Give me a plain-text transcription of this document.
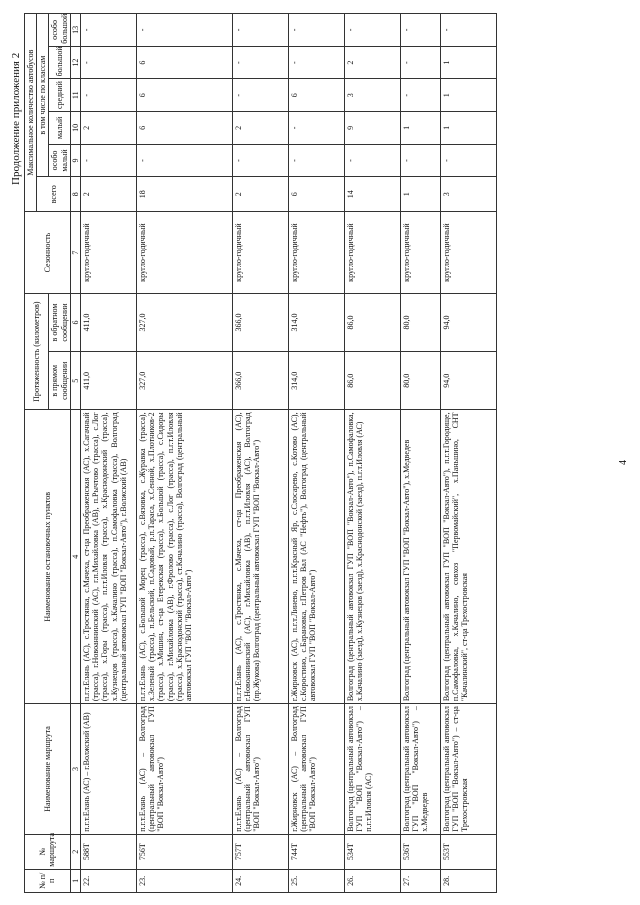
Продолжение приложения 2
№ п/п	№ маршрута	Наименование маршрута	Наименование остановочных пунктов	Протяженность (километров)		Сезонность	Максимальное количество автобусов					
							всего	в том числе по классам				
				в прямом сообщении	в обратном сообщении			особо малый	малый	средний	большой	особо большой
1	2	3	4	5	6	7	8	9	10	11	12	13
22.	588Т	п.г.т.Елань (АС) – г.Волжский (АВ)	п.г.т.Елань (АС), с.Тростянка, с.Мачеха, ст-ца Преображенская (АС), х.Сагачный (трасса), г.Новоаннинский (АС), г.п.Михайловка (АВ), п.Рычтово (трасса), с.Лог (трасса), х.Горы (трасса), п.г.т.Иловля (трасса), х.Краснодонский (трасса), х.Кузнецов (трасса), х.Качалино (трасса), п.Самофаловка (трасса), Волгоград (центральный автовокзал ГУП "ВОП "Вокзал-Авто"), г.Волжский (АВ)	411,0	411,0	кругло-годичный	2	-	2	-	-	-
23.	756Т	п.г.т.Елань (АС) – Волгоград (центральный автовокзал ГУП "ВОП "Вокзал-Авто")	п.г.т.Елань (АС), с.Большой Морец (трасса), с.Вязовка, с.Журавка (трасса), х.Зеленый (трасса), п.Бельский, п.Садовый, р.п.Тараса, х.Сенной, х.Плотников-2 (трасса), х.Мишин, ст-ца Етерекская (трасса), х.Большой (трасса), с.Сидоры (трасса), г.Михайловка (АВ), г.Фролово (трасса), с.Лог (трасса), п.г.т.Иловля (трасса), х.Краснодонский (трасса), ст.Качалино (трасса), Волгоград (центральный автовокзал ГУП "ВОП "Вокзал-Авто")	327,0	327,0	кругло-годичный	18	-	6	6	6	-
24.	757Т	п.г.т.Елань (АС) – Волгоград (центральный автовокзал ГУП "ВОП "Вокзал-Авто")	п.г.т.Елань (АС), с.Тростянка, с.Мачеха, ст-ца Преображенская (АС), г.Новоаннинский (АС), г.Михайловка (АВ), п.г.т.Иловля (АС), Волгоград (пр.Жукова) Волгоград (центральный автовокзал ГУП "ВОП "Вокзал-Авто")	366,0	366,0	кругло-годичный	2	-	2	-	-	-
25.	744Т	г.Жирновск (АС) – Волгоград (центральный автовокзал ГУП "ВОП "Вокзал-Авто")	г.Жирновск (АС), п.г.т.Линево, п.г.т.Красный Яр, с.Слосарево, с.Котово (АС), с.Коростино, с.Барановка, г.Петров Вал (АС "Нефть"), Волгоград (центральный автовокзал ГУП "ВОП "Вокзал-Авто")	314,0	314,0	кругло-годичный	6	-	-	6	-	-
26.	534Т	Волгоград (центральный автовокзал ГУП "ВОП "Вокзал-Авто") – п.г.т.Иловля (АС)	Волгоград (центральный автовокзал ГУП "ВОП "Вокзал-Авто"), п.Самофаловка, х.Качалино (заезд), х.Кузнецов (заезд), х.Краснодонской (заезд), п.г.т.Иловля (АС)	86,0	86,0	кругло-годичный	14	-	9	3	2	-
27.	536Т	Волгоград (центральный автовокзал ГУП "ВОП "Вокзал-Авто") – х.Медведев	Волгоград (центральный автовокзал ГУП "ВОП "Вокзал-Авто"), х.Медведев	80,0	80,0	кругло-годичный	1	-	1	-	-	-
28.	553Т	Волгоград (центральный автовокзал ГУП "ВОП "Вокзал-Авто") – ст-ца Трехостровская	Волгоград (центральный автовокзал ГУП "ВОП "Вокзал-Авто"), п.г.т.Городище, п.Самофаловка, х.Качалино, совхоз "Первомайский", х.Паньшино, СНТ "Качалинский", ст-ца Трехостровская	94,0	94,0	кругло-годичный	3	-	1	1	1	-
4
